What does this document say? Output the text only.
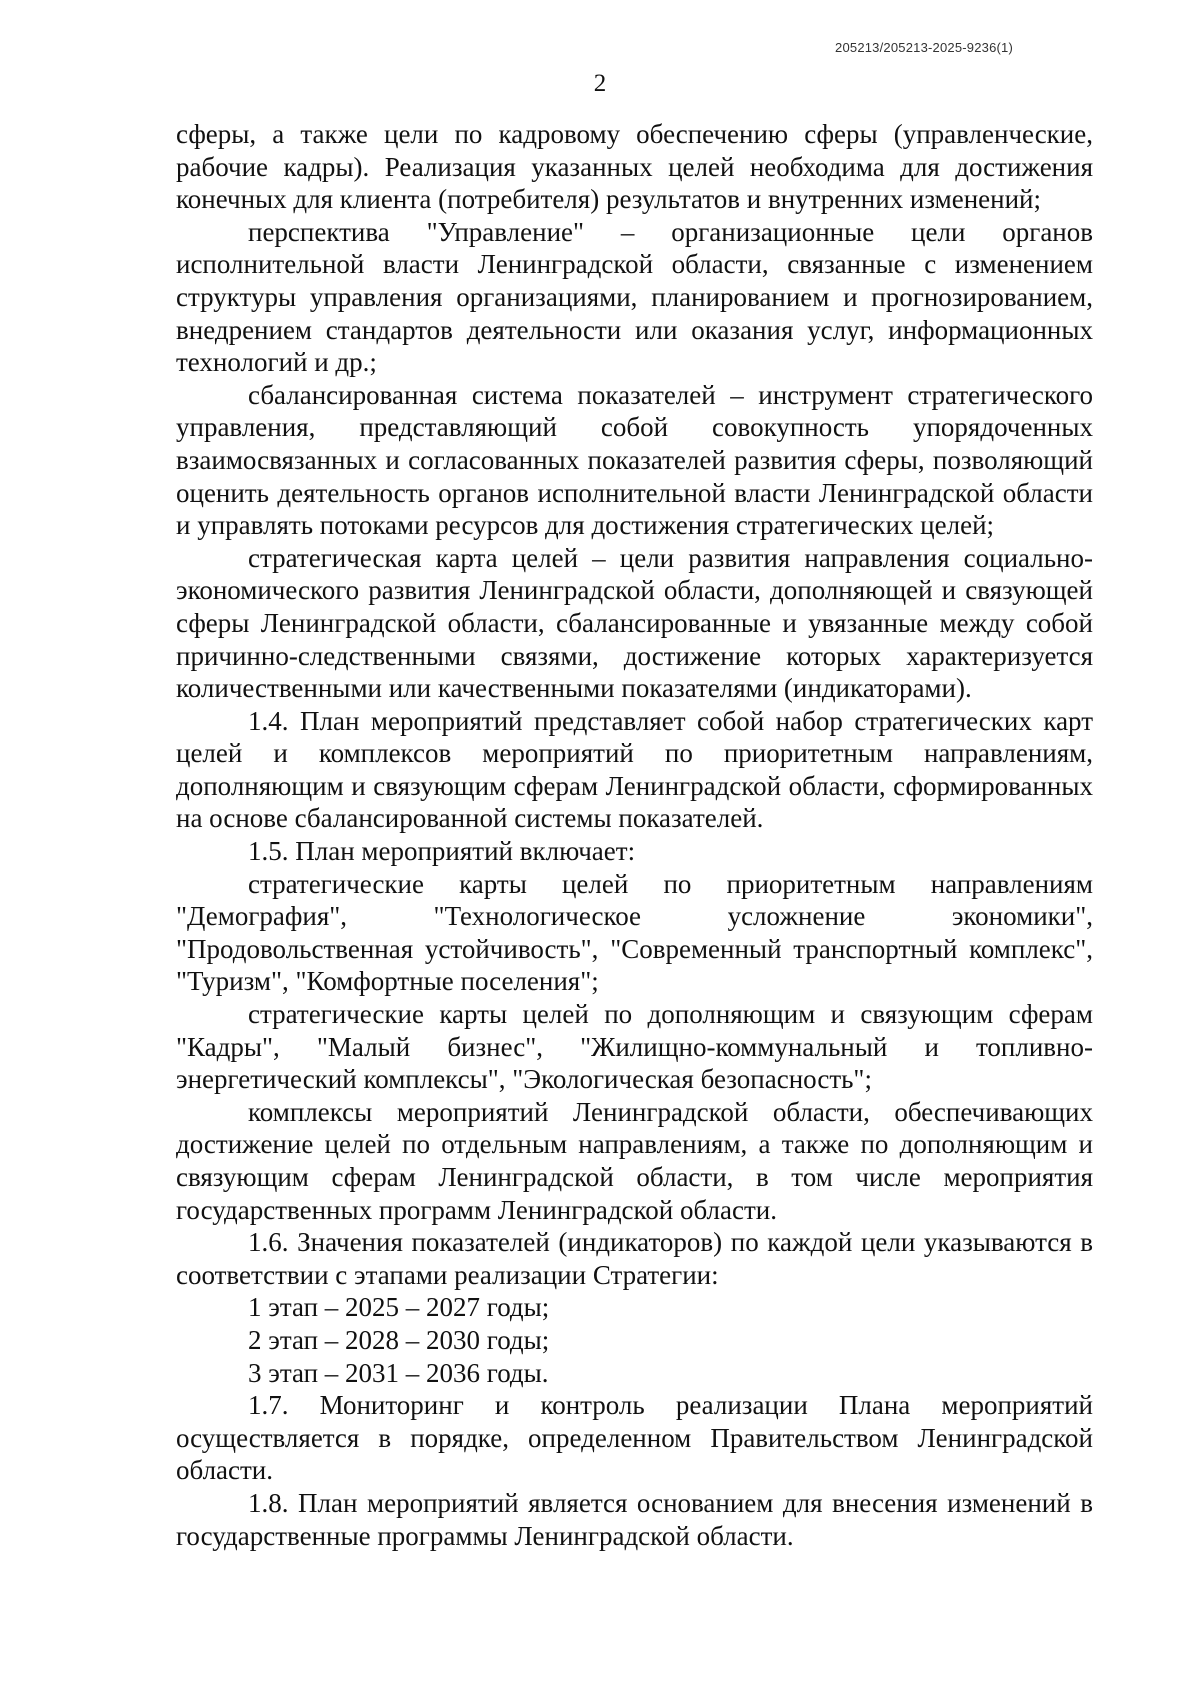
205213/205213-2025-9236(1)
2

сферы, а также цели по кадровому обеспечению сферы (управленческие, рабочие кадры). Реализация указанных целей необходима для достижения конечных для клиента (потребителя) результатов и внутренних изменений;

перспектива "Управление" – организационные цели органов исполнительной власти Ленинградской области, связанные с изменением структуры управления организациями, планированием и прогнозированием, внедрением стандартов деятельности или оказания услуг, информационных технологий и др.;

сбалансированная система показателей – инструмент стратегического управления, представляющий собой совокупность упорядоченных взаимосвязанных и согласованных показателей развития сферы, позволяющий оценить деятельность органов исполнительной власти Ленинградской области и управлять потоками ресурсов для достижения стратегических целей;

стратегическая карта целей – цели развития направления социально-экономического развития Ленинградской области, дополняющей и связующей сферы Ленинградской области, сбалансированные и увязанные между собой причинно-следственными связями, достижение которых характеризуется количественными или качественными показателями (индикаторами).

1.4. План мероприятий представляет собой набор стратегических карт целей и комплексов мероприятий по приоритетным направлениям, дополняющим и связующим сферам Ленинградской области, сформированных на основе сбалансированной системы показателей.

1.5. План мероприятий включает:

стратегические карты целей по приоритетным направлениям "Демография", "Технологическое усложнение экономики", "Продовольственная устойчивость", "Современный транспортный комплекс", "Туризм", "Комфортные поселения";

стратегические карты целей по дополняющим и связующим сферам "Кадры", "Малый бизнес", "Жилищно-коммунальный и топливно-энергетический комплексы", "Экологическая безопасность";

комплексы мероприятий Ленинградской области, обеспечивающих достижение целей по отдельным направлениям, а также по дополняющим и связующим сферам Ленинградской области, в том числе мероприятия государственных программ Ленинградской области.

1.6. Значения показателей (индикаторов) по каждой цели указываются в соответствии с этапами реализации Стратегии:

1 этап – 2025 – 2027 годы;

2 этап – 2028 – 2030 годы;

3 этап – 2031 – 2036 годы.

1.7. Мониторинг и контроль реализации Плана мероприятий осуществляется в порядке, определенном Правительством Ленинградской области.

1.8. План мероприятий является основанием для внесения изменений в государственные программы Ленинградской области.
